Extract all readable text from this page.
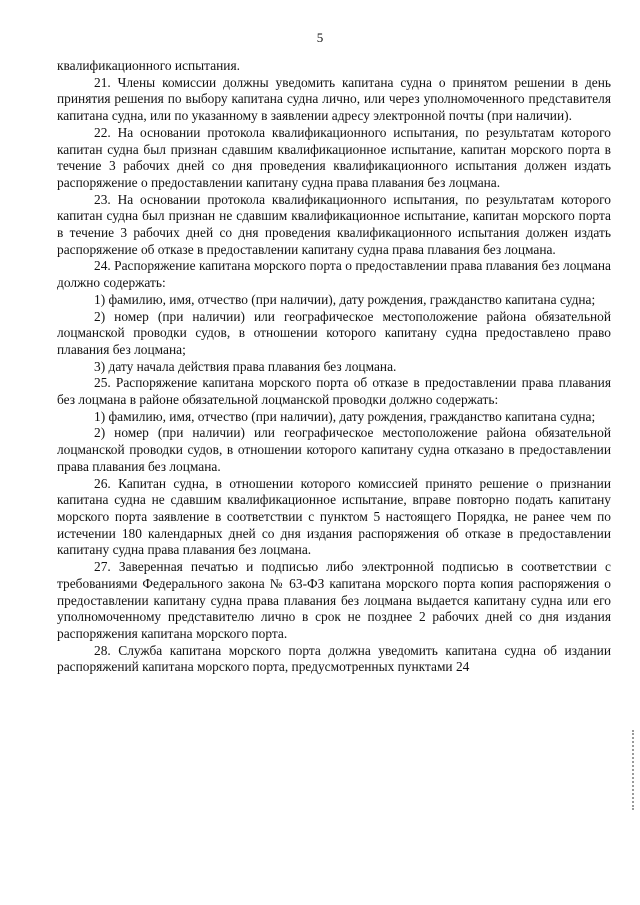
5

квалификационного испытания.

21. Члены комиссии должны уведомить капитана судна о принятом решении в день принятия решения по выбору капитана судна лично, или через уполномоченного представителя капитана судна, или по указанному в заявлении адресу электронной почты (при наличии).

22. На основании протокола квалификационного испытания, по результатам которого капитан судна был признан сдавшим квалификационное испытание, капитан морского порта в течение 3 рабочих дней со дня проведения квалификационного испытания должен издать распоряжение о предоставлении капитану судна права плавания без лоцмана.

23. На основании протокола квалификационного испытания, по результатам которого капитан судна был признан не сдавшим квалификационное испытание, капитан морского порта в течение 3 рабочих дней со дня проведения квалификационного испытания должен издать распоряжение об отказе в предоставлении капитану судна права плавания без лоцмана.

24. Распоряжение капитана морского порта о предоставлении права плавания без лоцмана должно содержать:

1) фамилию, имя, отчество (при наличии), дату рождения, гражданство капитана судна;

2) номер (при наличии) или географическое местоположение района обязательной лоцманской проводки судов, в отношении которого капитану судна предоставлено право плавания без лоцмана;

3) дату начала действия права плавания без лоцмана.

25. Распоряжение капитана морского порта об отказе в предоставлении права плавания без лоцмана в районе обязательной лоцманской проводки должно содержать:

1) фамилию, имя, отчество (при наличии), дату рождения, гражданство капитана судна;

2) номер (при наличии) или географическое местоположение района обязательной лоцманской проводки судов, в отношении которого капитану судна отказано в предоставлении права плавания без лоцмана.

26. Капитан судна, в отношении которого комиссией принято решение о признании капитана судна не сдавшим квалификационное испытание, вправе повторно подать капитану морского порта заявление в соответствии с пунктом 5 настоящего Порядка, не ранее чем по истечении 180 календарных дней со дня издания распоряжения об отказе в предоставлении капитану судна права плавания без лоцмана.

27. Заверенная печатью и подписью либо электронной подписью в соответствии с требованиями Федерального закона № 63-ФЗ капитана морского порта копия распоряжения о предоставлении капитану судна права плавания без лоцмана выдается капитану судна или его уполномоченному представителю лично в срок не позднее 2 рабочих дней со дня издания распоряжения капитана морского порта.

28. Служба капитана морского порта должна уведомить капитана судна об издании распоряжений капитана морского порта, предусмотренных пунктами 24
